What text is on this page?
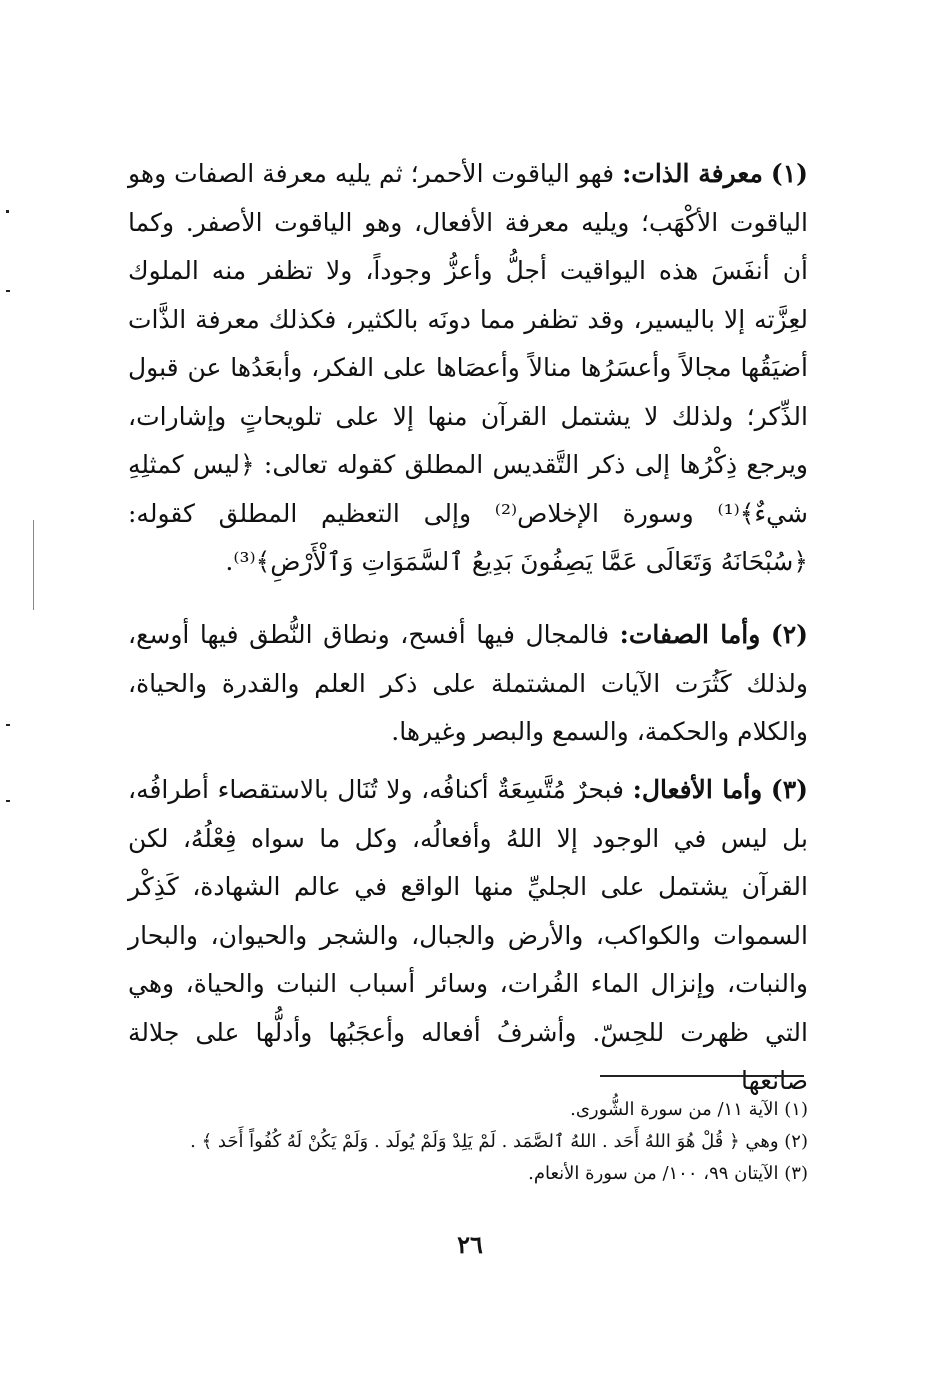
(١) معرفة الذات: فهو الياقوت الأحمر؛ ثم يليه معرفة الصفات وهو الياقوت الأكْهَب؛ ويليه معرفة الأفعال، وهو الياقوت الأصفر. وكما أن أنفَسَ هذه اليواقيت أجلُّ وأعزُّ وجوداً، ولا تظفر منه الملوك لعِزَّته إلا باليسير، وقد تظفر مما دونَه بالكثير، فكذلك معرفة الذَّات أضيَقُها مجالاً وأعسَرُها منالاً وأعصَاها على الفكر، وأبعَدُها عن قبول الذِّكر؛ ولذلك لا يشتمل القرآن منها إلا على تلويحاتٍ وإشارات، ويرجع ذِكْرُها إلى ذكر التَّقديس المطلق كقوله تعالى: ﴿ليس كمثلِهِ شيءٌ﴾⁽¹⁾ وسورة الإخلاص⁽²⁾ وإلى التعظيم المطلق كقوله: ﴿سُبْحَانَهُ وَتَعَالَى عَمَّا يَصِفُونَ بَدِيعُ ٱلسَّمَوَاتِ وَٱلْأَرْضِ﴾⁽³⁾.
(٢) وأما الصفات: فالمجال فيها أفسح، ونطاق النُّطق فيها أوسع، ولذلك كَثُرَت الآيات المشتملة على ذكر العلم والقدرة والحياة، والكلام والحكمة، والسمع والبصر وغيرها.
(٣) وأما الأفعال: فبحرٌ مُتَّسِعَةٌ أكنافُه، ولا تُنَال بالاستقصاء أطرافُه، بل ليس في الوجود إلا اللهُ وأفعالُه، وكل ما سواه فِعْلُهُ، لكن القرآن يشتمل على الجليِّ منها الواقع في عالم الشهادة، كَذِكْر السموات والكواكب، والأرض والجبال، والشجر والحيوان، والبحار والنبات، وإنزال الماء الفُرات، وسائر أسباب النبات والحياة، وهي التي ظهرت للحِسّ. وأشرفُ أفعاله وأعجَبُها وأدلُّها على جلالة صانعها
(١) الآية ١١/ من سورة الشُّورى.
(٢) وهي ﴿ قُلْ هُوَ اللهُ أَحَد . اللهُ ٱلصَّمَد . لَمْ يَلِدْ وَلَمْ يُولَد . وَلَمْ يَكُنْ لَهُ كُفُواً أَحَد ﴾ .
(٣) الآيتان ٩٩، ١٠٠/ من سورة الأنعام.
٢٦
